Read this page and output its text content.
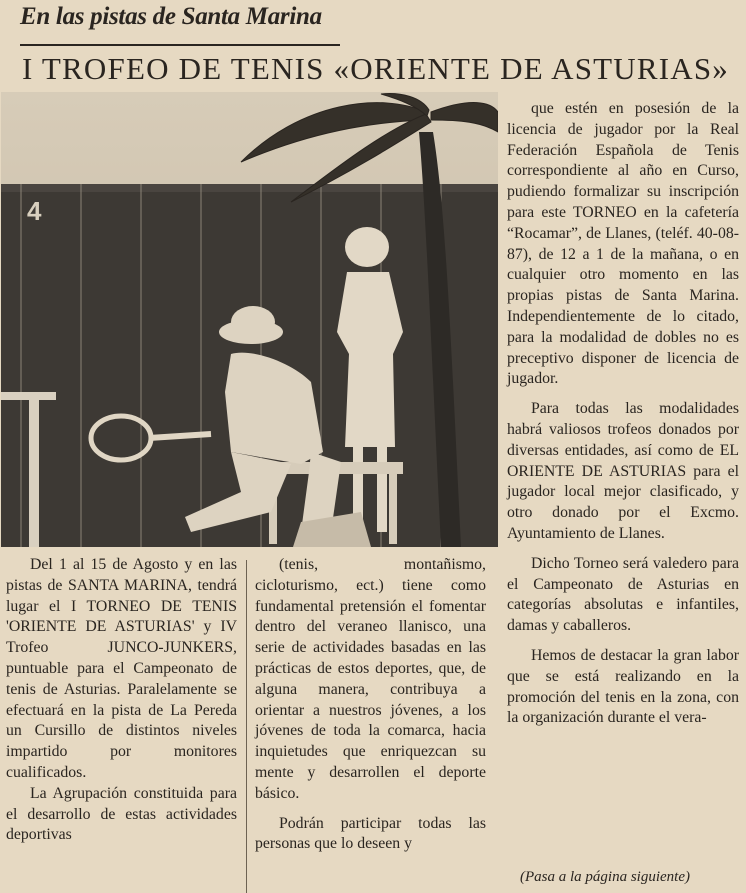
En las pistas de Santa Marina
I TROFEO DE TENIS «ORIENTE DE ASTURIAS»
4

Del 1 al 15 de Agosto y en las pistas de SANTA MARINA, tendrá lugar el I TORNEO DE TENIS 'ORIENTE DE ASTURIAS' y IV Trofeo JUNCO-JUNKERS, puntuable para el Campeonato de tenis de Asturias. Paralelamente se efectuará en la pista de La Pereda un Cursillo de distintos niveles impartido por monitores cualificados.

La Agrupación constituida para el desarrollo de estas actividades deportivas

(tenis, montañismo, cicloturismo, ect.) tiene como fundamental pretensión el fomentar dentro del veraneo llanisco, una serie de actividades basadas en las prácticas de estos deportes, que, de alguna manera, contribuya a orientar a nuestros jóvenes, a los jóvenes de toda la comarca, hacia inquietudes que enriquezcan su mente y desarrollen el deporte básico.

Podrán participar todas las personas que lo deseen y

que estén en posesión de la licencia de jugador por la Real Federación Española de Tenis correspondiente al año en Curso, pudiendo formalizar su inscripción para este TORNEO en la cafetería “Rocamar”, de Llanes, (teléf. 40-08-87), de 12 a 1 de la mañana, o en cualquier otro momento en las propias pistas de Santa Marina. Independientemente de lo citado, para la modalidad de dobles no es preceptivo disponer de licencia de jugador.

Para todas las modalidades habrá valiosos trofeos donados por diversas entidades, así como de EL ORIENTE DE ASTURIAS para el jugador local mejor clasificado, y otro donado por el Excmo. Ayuntamiento de Llanes.

Dicho Torneo será valedero para el Campeonato de Asturias en categorías absolutas e infantiles, damas y caballeros.

Hemos de destacar la gran labor que se está realizando en la promoción del tenis en la zona, con la organización durante el vera-

(Pasa a la página siguiente)
